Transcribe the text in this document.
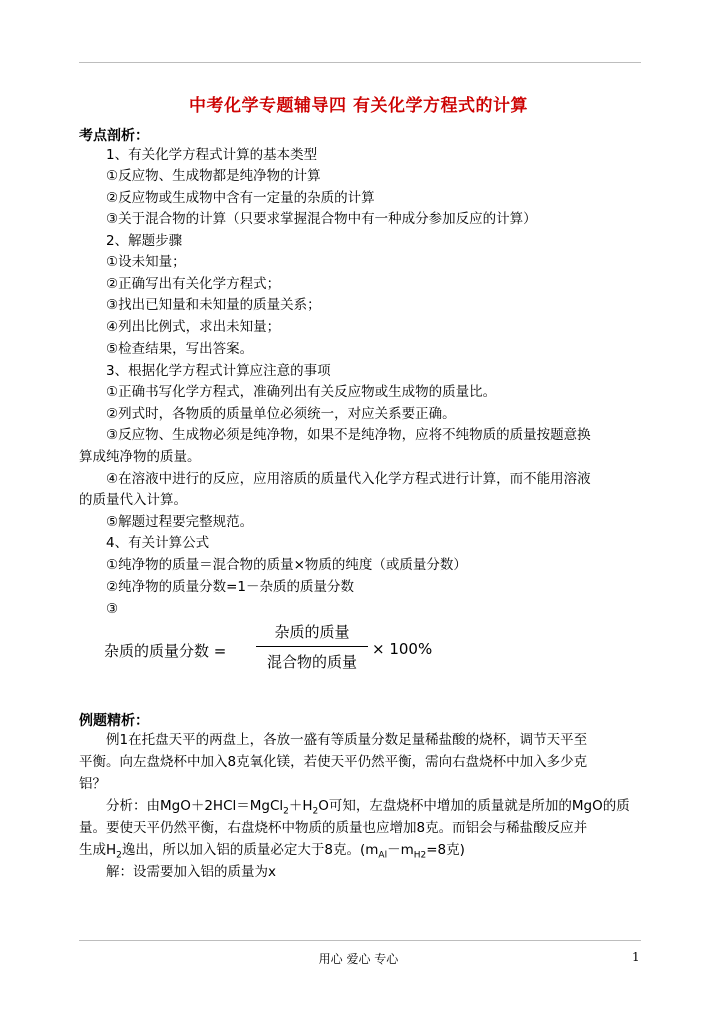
中考化学专题辅导四 有关化学方程式的计算
考点剖析：
1、有关化学方程式计算的基本类型
①反应物、生成物都是纯净物的计算
②反应物或生成物中含有一定量的杂质的计算
③关于混合物的计算（只要求掌握混合物中有一种成分参加反应的计算）
2、解题步骤
①设未知量；
②正确写出有关化学方程式；
③找出已知量和未知量的质量关系；
④列出比例式，求出未知量；
⑤检查结果，写出答案。
3、根据化学方程式计算应注意的事项
①正确书写化学方程式，准确列出有关反应物或生成物的质量比。
②列式时，各物质的质量单位必须统一，对应关系要正确。
③反应物、生成物必须是纯净物，如果不是纯净物，应将不纯物质的质量按题意换
算成纯净物的质量。
④在溶液中进行的反应，应用溶质的质量代入化学方程式进行计算，而不能用溶液
的质量代入计算。
⑤解题过程要完整规范。
4、有关计算公式
①纯净物的质量＝混合物的质量×物质的纯度（或质量分数）
②纯净物的质量分数=1－杂质的质量分数
③
杂质的质量分数 =
杂质的质量
混合物的质量
× 100%
例题精析：
例1在托盘天平的两盘上，各放一盛有等质量分数足量稀盐酸的烧杯，调节天平至
平衡。向左盘烧杯中加入8克氧化镁，若使天平仍然平衡，需向右盘烧杯中加入多少克
铝？
分析：由$MgO+2HCl=MgCl_2+H_2O$可知，左盘烧杯中增加的质量就是所加的MgO的质
量。要使天平仍然平衡，右盘烧杯中物质的质量也应增加8克。而铝会与稀盐酸反应并
生成$H_2$逸出，所以加入铝的质量必定大于8克。($m_{Al}-m_{H2}=8$克)
解：设需要加入铝的质量为x
用心 爱心 专心	1
